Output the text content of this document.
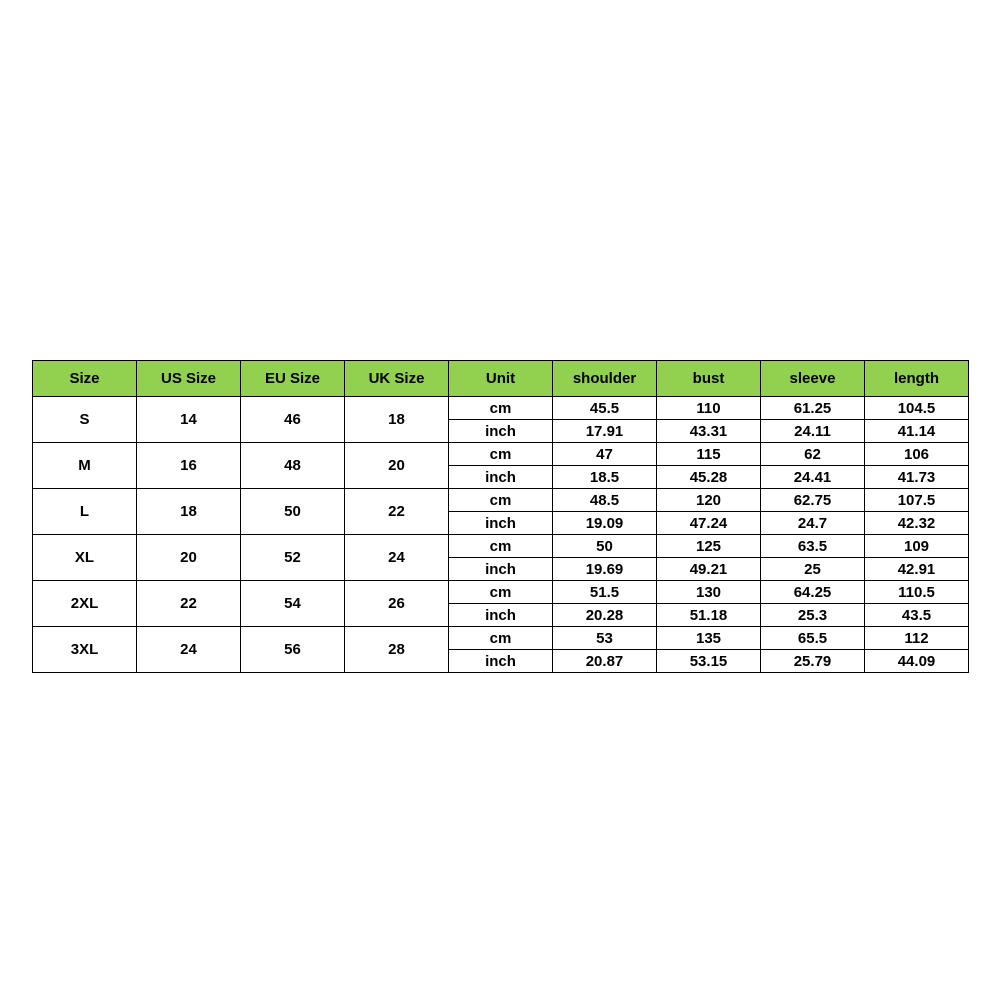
Size	US Size	EU Size	UK Size	Unit	shoulder	bust	sleeve	length
S	14	46	18	cm	45.5	110	61.25	104.5
				inch	17.91	43.31	24.11	41.14
M	16	48	20	cm	47	115	62	106
				inch	18.5	45.28	24.41	41.73
L	18	50	22	cm	48.5	120	62.75	107.5
				inch	19.09	47.24	24.7	42.32
XL	20	52	24	cm	50	125	63.5	109
				inch	19.69	49.21	25	42.91
2XL	22	54	26	cm	51.5	130	64.25	110.5
				inch	20.28	51.18	25.3	43.5
3XL	24	56	28	cm	53	135	65.5	112
				inch	20.87	53.15	25.79	44.09
